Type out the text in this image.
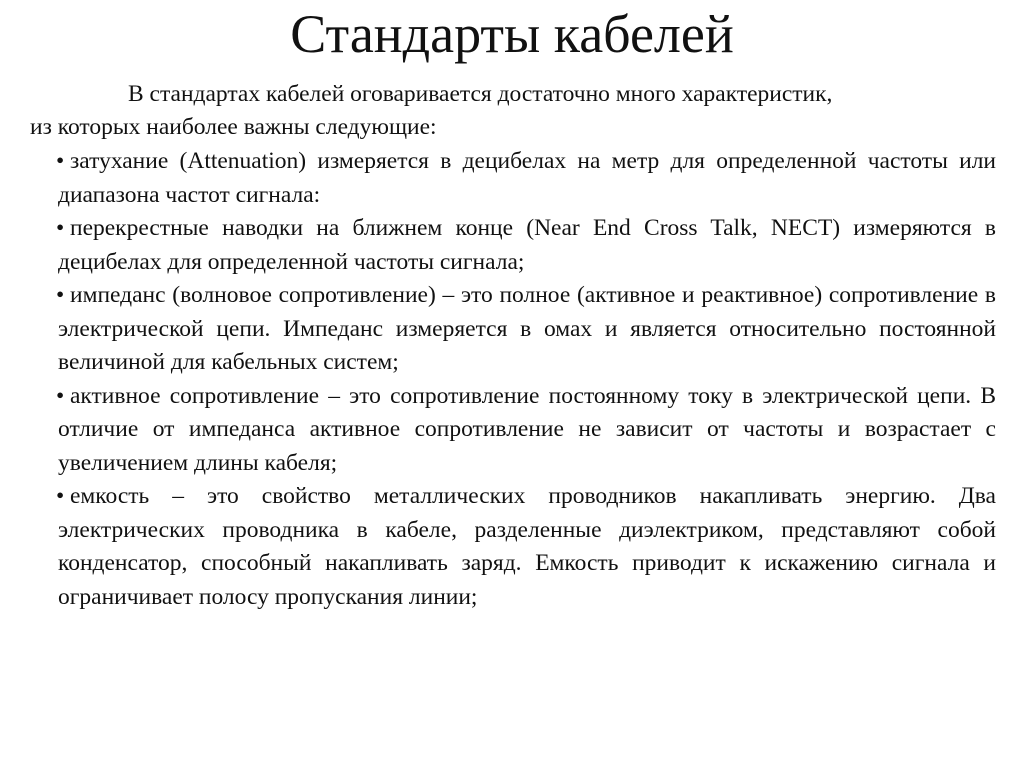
Стандарты кабелей
В стандартах кабелей оговаривается достаточно много характеристик,
из которых наиболее важны следующие:
• затухание (Attenuation) измеряется в децибелах на метр для определенной частоты или диапазона частот сигнала:
• перекрестные наводки на ближнем конце (Near End Cross Talk, NECT) измеряются в децибелах для определенной частоты сигнала;
• импеданс (волновое сопротивление) – это полное (активное и реактивное) сопротивление в электрической цепи. Импеданс измеряется в омах и является относительно постоянной величиной для кабельных систем;
• активное сопротивление – это сопротивление постоянному току в электрической цепи. В отличие от импеданса активное сопротивление не зависит от частоты и возрастает с увеличением длины кабеля;
• емкость – это свойство металлических проводников накапливать энергию. Два электрических проводника в кабеле, разделенные диэлектриком, представляют собой конденсатор, способный накапливать заряд. Емкость приводит к искажению сигнала и ограничивает полосу пропускания линии;
